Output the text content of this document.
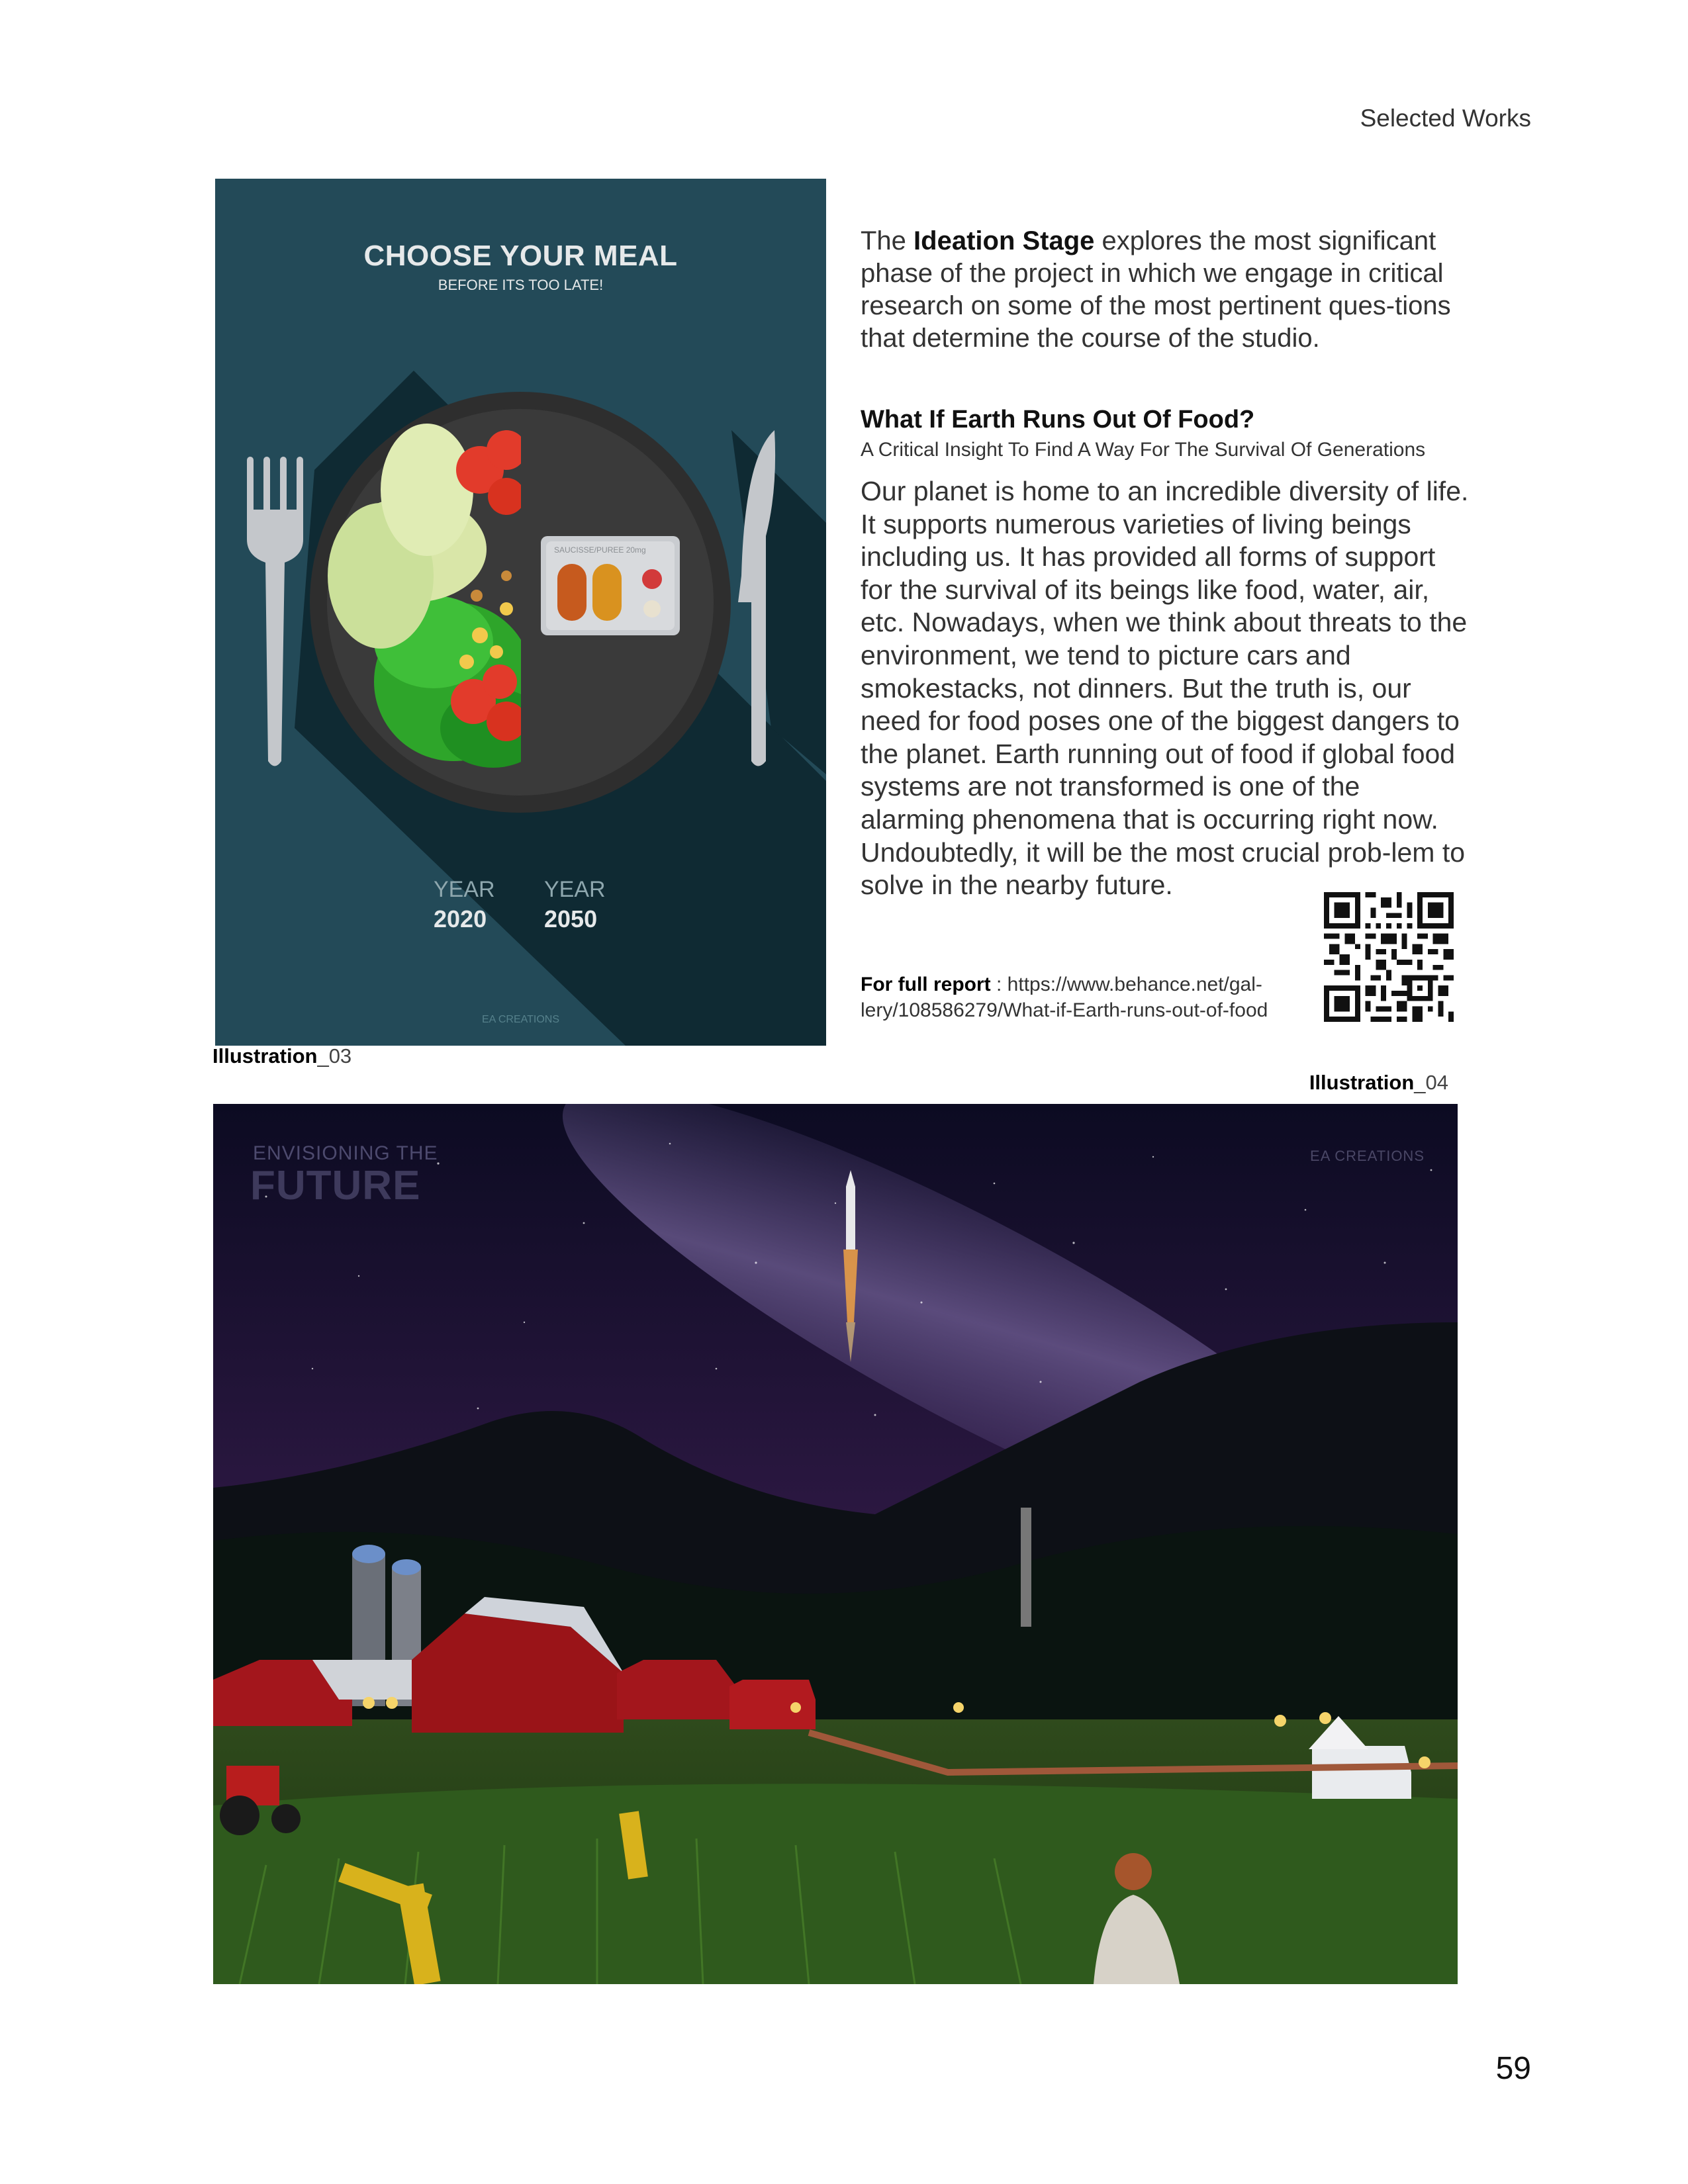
Selected Works
CHOOSE YOUR MEAL
BEFORE ITS TOO LATE!
SAUCISSE/PUREE 20mg
YEAR
2020
YEAR
2050
EA CREATIONS
Illustration_03
The Ideation Stage explores the most significant phase of the project in which we engage in critical research on some of the most pertinent ques-tions that determine the course of the studio.
What If Earth Runs Out Of Food?
A Critical Insight To Find A Way For The Survival Of Generations
Our planet is home to an incredible diversity of life. It supports numerous varieties of living beings including us. It has provided all forms of support for the survival of its beings like food, water, air, etc. Nowadays, when we think about threats to the environment, we tend to picture cars and smokestacks, not dinners. But the truth is, our need for food poses one of the biggest dangers to the planet. Earth running out of food if global food systems are not transformed is one of the alarming phenomena that is occurring right now. Undoubtedly, it will be the most crucial prob-lem to solve in the nearby future.
For full report : https://www.behance.net/gal-lery/108586279/What-if-Earth-runs-out-of-food
Illustration_04
ENVISIONING THE
FUTURE
EA CREATIONS
59
